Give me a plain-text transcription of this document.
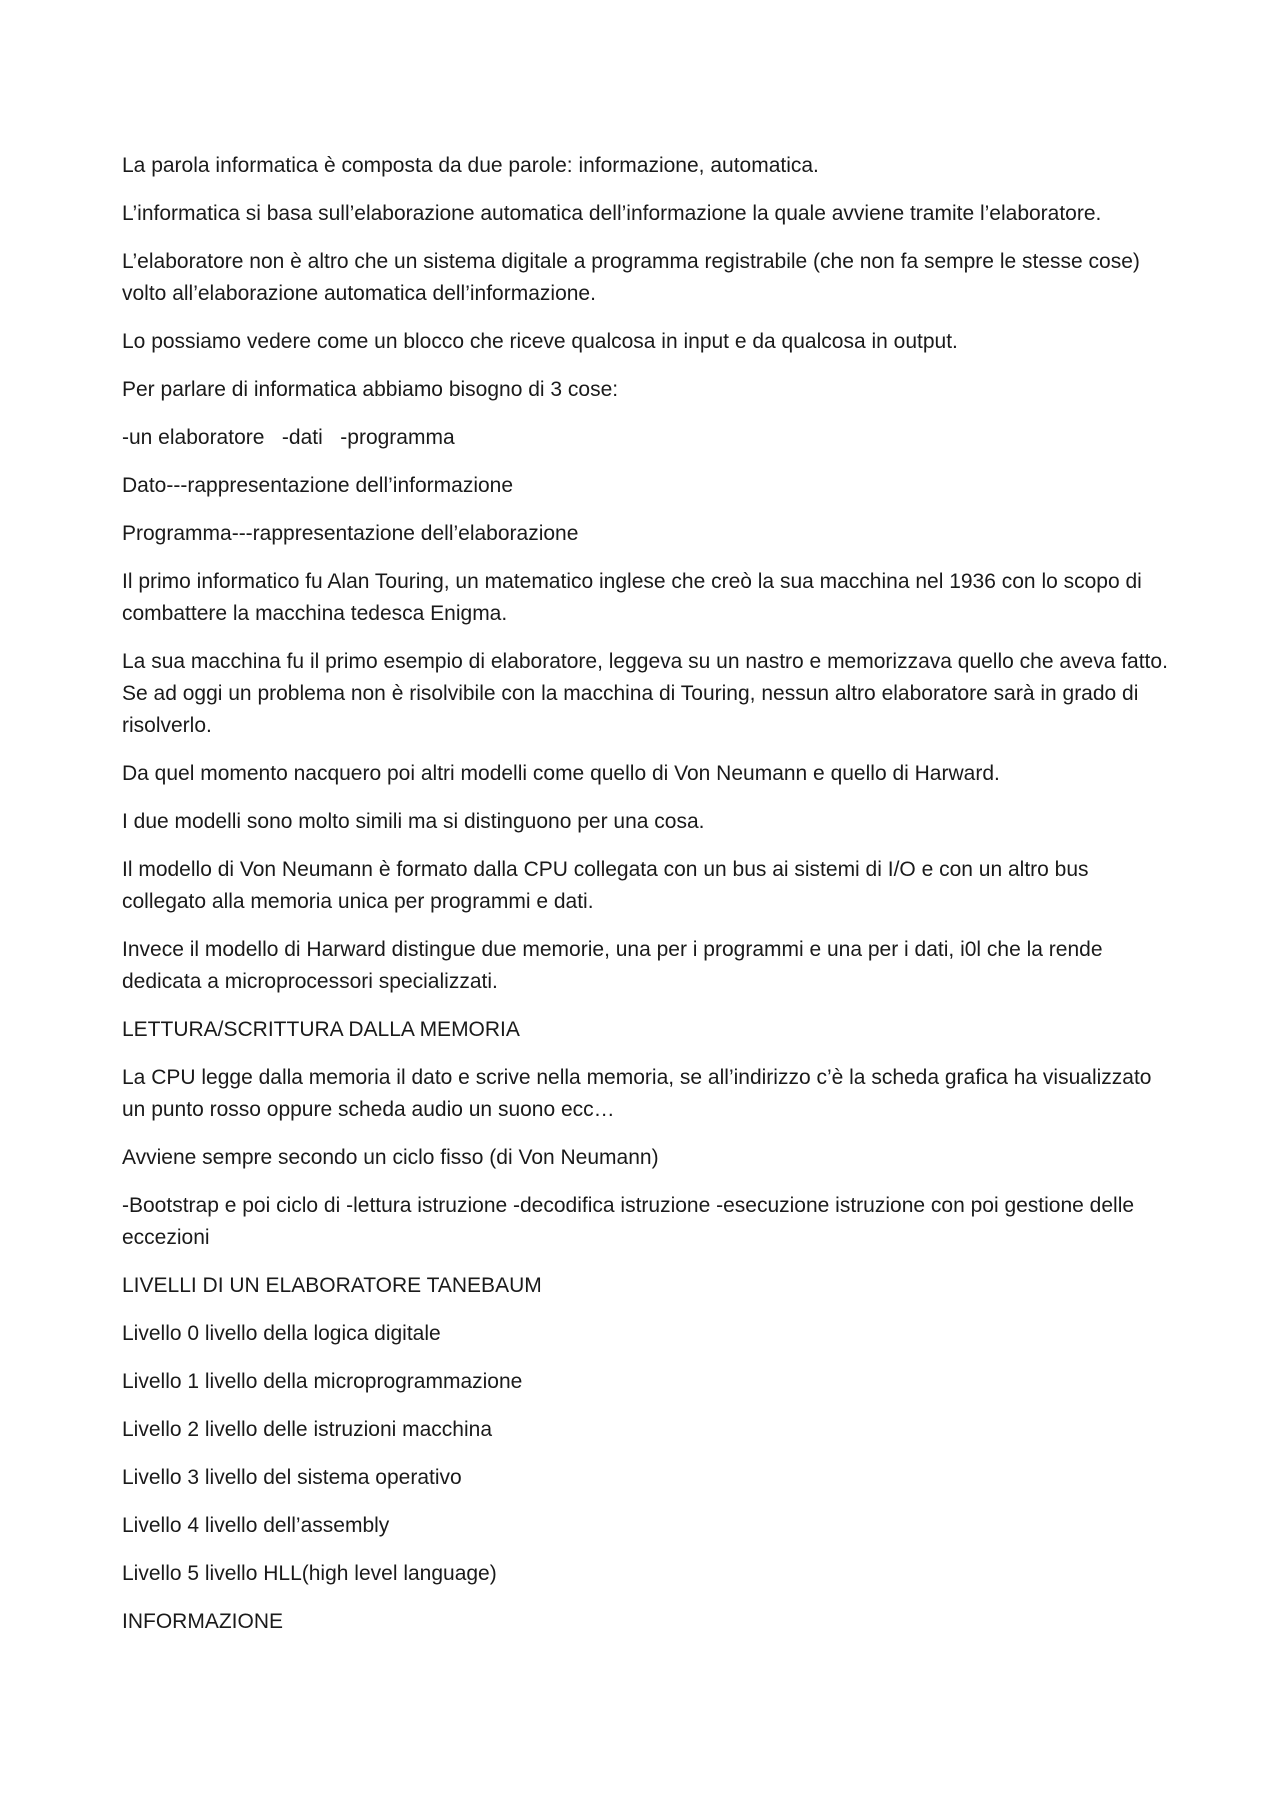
La parola informatica è composta da due parole: informazione, automatica.

L’informatica si basa sull’elaborazione automatica dell’informazione la quale avviene tramite l’elaboratore.

L’elaboratore non è altro che un sistema digitale a programma registrabile (che non fa sempre le stesse cose) volto all’elaborazione automatica dell’informazione.

Lo possiamo vedere come un blocco che riceve qualcosa in input e da qualcosa in output.

Per parlare di informatica abbiamo bisogno di 3 cose:

-un elaboratore   -dati   -programma

Dato---rappresentazione dell’informazione

Programma---rappresentazione dell’elaborazione

Il primo informatico fu Alan Touring, un matematico inglese che creò la sua macchina nel 1936 con lo scopo di combattere la macchina tedesca Enigma.

La sua macchina fu il primo esempio di elaboratore, leggeva su un nastro e memorizzava quello che aveva fatto. Se ad oggi un problema non è risolvibile con la macchina di Touring, nessun altro elaboratore sarà in grado di risolverlo.

Da quel momento nacquero poi altri modelli come quello di Von Neumann e quello di Harward.

I due modelli sono molto simili ma si distinguono per una cosa.

Il modello di Von Neumann è formato dalla CPU collegata con un bus ai sistemi di I/O e con un altro bus collegato alla memoria unica per programmi e dati.

Invece il modello di Harward distingue due memorie, una per i programmi e una per i dati, i0l che la rende dedicata a microprocessori specializzati.

LETTURA/SCRITTURA DALLA MEMORIA

La CPU legge dalla memoria il dato e scrive nella memoria, se all’indirizzo c’è la scheda grafica ha visualizzato un punto rosso oppure scheda audio un suono ecc…

Avviene sempre secondo un ciclo fisso (di Von Neumann)

-Bootstrap e poi ciclo di -lettura istruzione -decodifica istruzione -esecuzione istruzione con poi gestione delle eccezioni

LIVELLI DI UN ELABORATORE TANEBAUM

Livello 0 livello della logica digitale

Livello 1 livello della microprogrammazione

Livello 2 livello delle istruzioni macchina

Livello 3 livello del sistema operativo

Livello 4 livello dell’assembly

Livello 5 livello HLL(high level language)

INFORMAZIONE
